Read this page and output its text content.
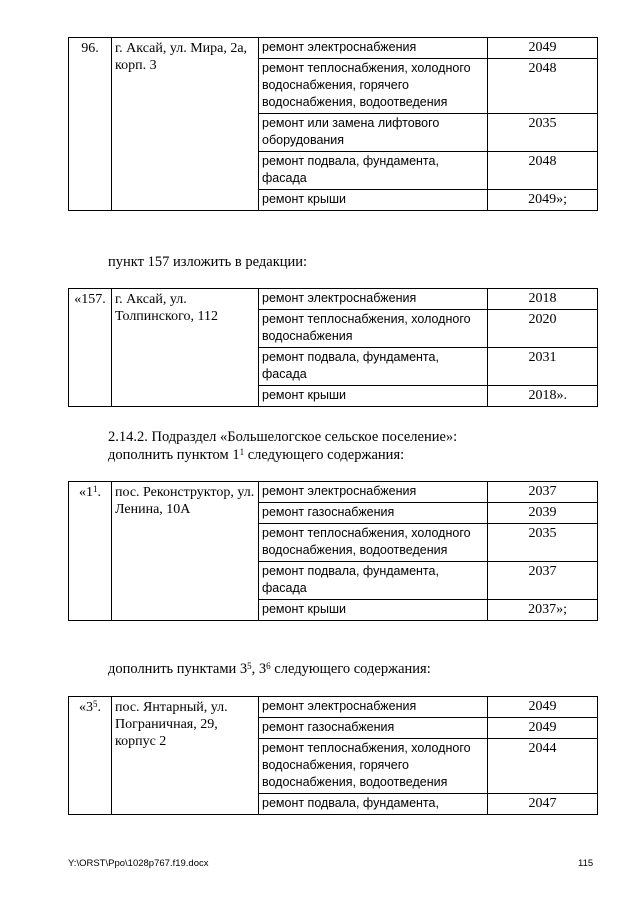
96.	г. Аксай, ул. Мира, 2а, корп. 3	ремонт электроснабжения	2049
		ремонт теплоснабжения, холодного водоснабжения, горячего водоснабжения, водоотведения	2048
		ремонт или замена лифтового оборудования	2035
		ремонт подвала, фундамента, фасада	2048
		ремонт крыши	2049»;
пункт 157 изложить в редакции:
«157.	г. Аксай, ул. Толпинского, 112	ремонт электроснабжения	2018
		ремонт теплоснабжения, холодного водоснабжения	2020
		ремонт подвала, фундамента, фасада	2031
		ремонт крыши	2018».
2.14.2. Подраздел «Большелогское сельское поселение»:
дополнить пунктом $1^1$ следующего содержания:
«$1^1$.	пос. Реконструктор, ул. Ленина, 10А	ремонт электроснабжения	2037
		ремонт газоснабжения	2039
		ремонт теплоснабжения, холодного водоснабжения, водоотведения	2035
		ремонт подвала, фундамента, фасада	2037
		ремонт крыши	2037»;
дополнить пунктами $3^5$, $3^6$ следующего содержания:
«$3^5$.	пос. Янтарный, ул. Пограничная, 29, корпус 2	ремонт электроснабжения	2049
		ремонт газоснабжения	2049
		ремонт теплоснабжения, холодного водоснабжения, горячего водоснабжения, водоотведения	2044
		ремонт подвала, фундамента,	2047
Y:\ORST\Ppo\1028p767.f19.docx	115
